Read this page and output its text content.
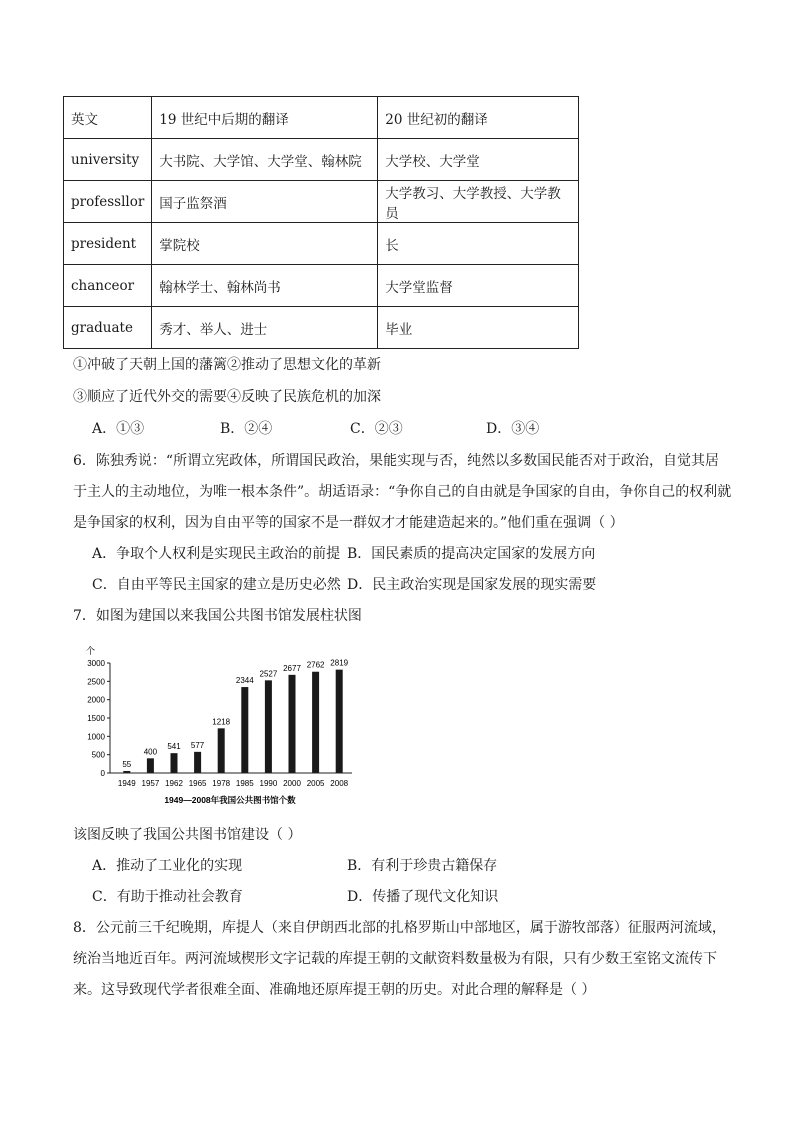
英文	19 世纪中后期的翻译	20 世纪初的翻译
university	大书院、大学馆、大学堂、翰林院	大学校、大学堂
professllor	国子监祭酒	大学教习、大学教授、大学教员
president	掌院校	长
chanceor	翰林学士、翰林尚书	大学堂监督
graduate	秀才、举人、进士	毕业
①冲破了天朝上国的藩篱②推动了思想文化的革新
③顺应了近代外交的需要④反映了民族危机的加深
A．①③	B．②④	C．②③	D．③④
6．陈独秀说：“所谓立宪政体，所谓国民政治，果能实现与否，纯然以多数国民能否对于政治，自觉其居
于主人的主动地位，为唯一根本条件”。胡适语录：“争你自己的自由就是争国家的自由，争你自己的权利就
是争国家的权利，因为自由平等的国家不是一群奴才才能建造起来的。”他们重在强调（ ）
A．争取个人权利是实现民主政治的前提 B．国民素质的提高决定国家的发展方向
C．自由平等民主国家的建立是历史必然 D．民主政治实现是国家发展的现实需要
7．如图为建国以来我国公共图书馆发展柱状图
个
0
500
1000
1500
2000
2500
3000
55
400
541 577
1218
2344
2527
2677 2762 2819
1949 1957 1962 1965 1978 1985 1990 2000 2005 2008
1949—2008年我国公共图书馆个数
该图反映了我国公共图书馆建设（ ）
A．推动了工业化的实现	B．有利于珍贵古籍保存
C．有助于推动社会教育	D．传播了现代文化知识
8．公元前三千纪晚期，库提人（来自伊朗西北部的扎格罗斯山中部地区，属于游牧部落）征服两河流域，
统治当地近百年。两河流域楔形文字记载的库提王朝的文献资料数量极为有限，只有少数王室铭文流传下
来。这导致现代学者很难全面、准确地还原库提王朝的历史。对此合理的解释是（ ）
